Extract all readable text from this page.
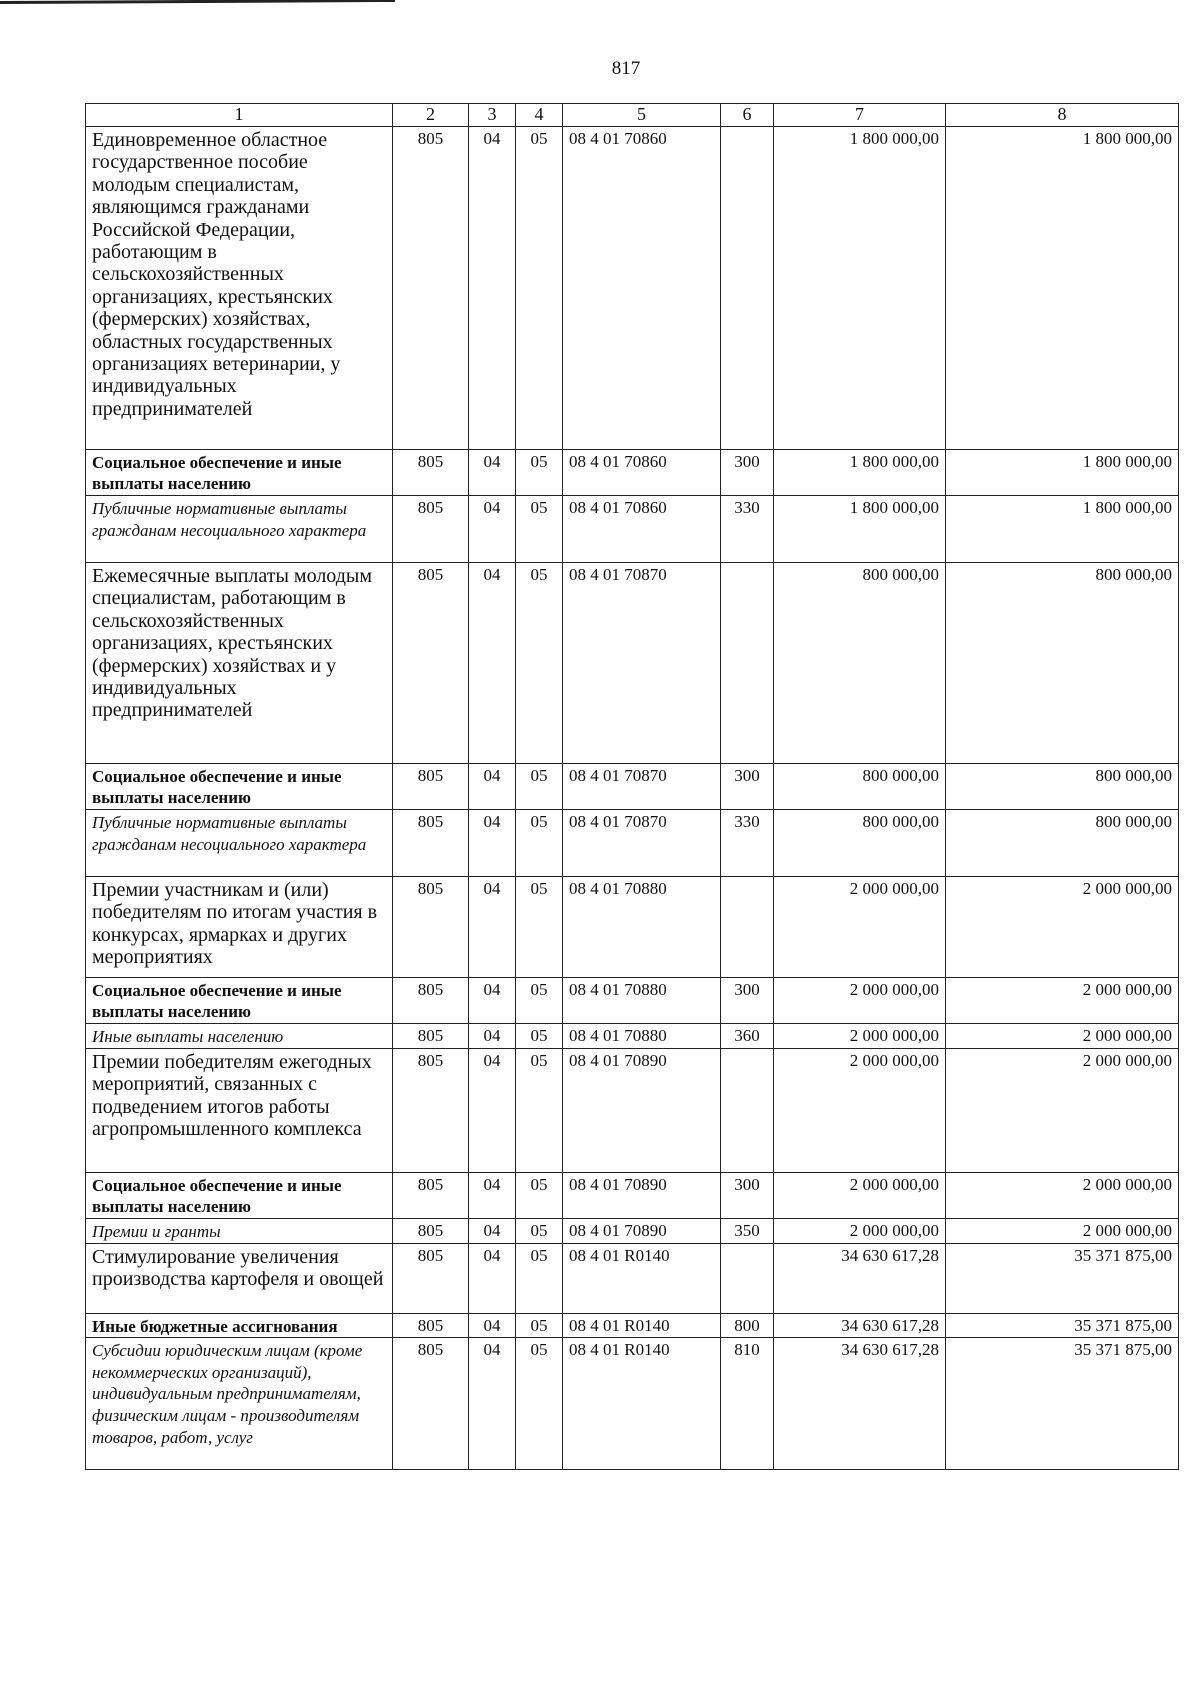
817
1	2	3	4	5	6	7	8
Единовременное областное государственное пособие молодым специалистам, являющимся гражданами Российской Федерации, работающим в сельскохозяйственных организациях, крестьянских (фермерских) хозяйствах, областных государственных организациях ветеринарии, у индивидуальных предпринимателей	805	04	05	08 4 01 70860		1 800 000,00	1 800 000,00
Социальное обеспечение и иные выплаты населению	805	04	05	08 4 01 70860	300	1 800 000,00	1 800 000,00
Публичные нормативные выплаты гражданам несоциального характера	805	04	05	08 4 01 70860	330	1 800 000,00	1 800 000,00
Ежемесячные выплаты молодым специалистам, работающим в сельскохозяйственных организациях, крестьянских (фермерских) хозяйствах и у индивидуальных предпринимателей	805	04	05	08 4 01 70870		800 000,00	800 000,00
Социальное обеспечение и иные выплаты населению	805	04	05	08 4 01 70870	300	800 000,00	800 000,00
Публичные нормативные выплаты гражданам несоциального характера	805	04	05	08 4 01 70870	330	800 000,00	800 000,00
Премии участникам и (или) победителям по итогам участия в конкурсах, ярмарках и других мероприятиях	805	04	05	08 4 01 70880		2 000 000,00	2 000 000,00
Социальное обеспечение и иные выплаты населению	805	04	05	08 4 01 70880	300	2 000 000,00	2 000 000,00
Иные выплаты населению	805	04	05	08 4 01 70880	360	2 000 000,00	2 000 000,00
Премии победителям ежегодных мероприятий, связанных с подведением итогов работы агропромышленного комплекса	805	04	05	08 4 01 70890		2 000 000,00	2 000 000,00
Социальное обеспечение и иные выплаты населению	805	04	05	08 4 01 70890	300	2 000 000,00	2 000 000,00
Премии и гранты	805	04	05	08 4 01 70890	350	2 000 000,00	2 000 000,00
Стимулирование увеличения производства картофеля и овощей	805	04	05	08 4 01 R0140		34 630 617,28	35 371 875,00
Иные бюджетные ассигнования	805	04	05	08 4 01 R0140	800	34 630 617,28	35 371 875,00
Субсидии юридическим лицам (кроме некоммерческих организаций), индивидуальным предпринимателям, физическим лицам - производителям товаров, работ, услуг	805	04	05	08 4 01 R0140	810	34 630 617,28	35 371 875,00
